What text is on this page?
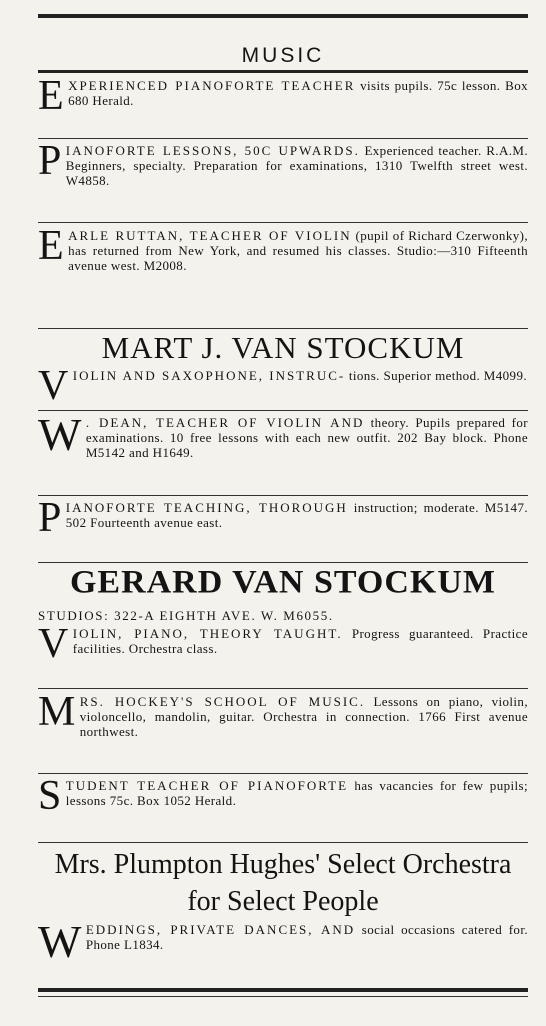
MUSIC
EXPERIENCED PIANOFORTE TEACHER visits pupils. 75c lesson. Box 680 Herald.
PIANOFORTE LESSONS, 50C UPWARDS. Experienced teacher. R.A.M. Beginners, specialty. Preparation for examinations, 1310 Twelfth street west. W4858.
EARLE RUTTAN, TEACHER OF VIOLIN (pupil of Richard Czerwonky), has returned from New York, and resumed his classes. Studio:—310 Fifteenth avenue west. M2008.
MART J. VAN STOCKUM
VIOLIN AND SAXOPHONE, INSTRUC- tions. Superior method. M4099.
W . DEAN, TEACHER OF VIOLIN AND theory. Pupils prepared for examinations. 10 free lessons with each new outfit. 202 Bay block. Phone M5142 and H1649.
PIANOFORTE TEACHING, THOROUGH instruction; moderate. M5147. 502 Fourteenth avenue east.
GERARD VAN STOCKUM
STUDIOS: 322-A EIGHTH AVE. W. M6055.
VIOLIN, PIANO, THEORY TAUGHT. Progress guaranteed. Practice facilities. Orchestra class.
MRS. HOCKEY'S SCHOOL OF MUSIC. Lessons on piano, violin, violoncello, mandolin, guitar. Orchestra in connection. 1766 First avenue northwest.
STUDENT TEACHER OF PIANOFORTE has vacancies for few pupils; lessons 75c. Box 1052 Herald.
Mrs. Plumpton Hughes' Select Orchestra for Select People
WEDDINGS, PRIVATE DANCES, AND social occasions catered for. Phone L1834.
